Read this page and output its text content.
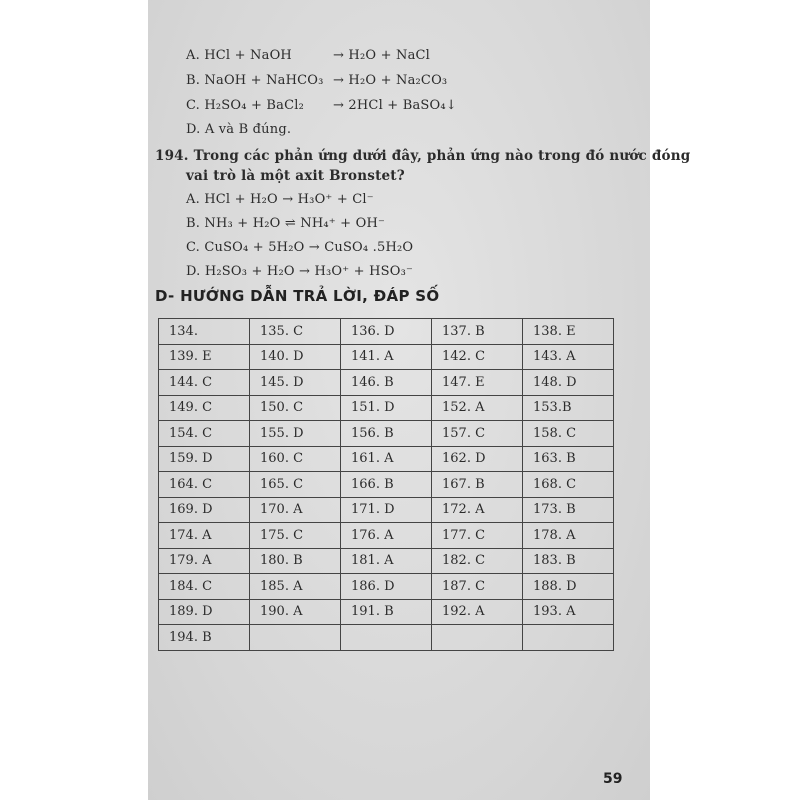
A. HCl + NaOH	→ H₂O + NaCl
B. NaOH + NaHCO₃ → H₂O + Na₂CO₃
C. H₂SO₄ + BaCl₂ → 2HCl + BaSO₄↓
D. A và B đúng.
194. Trong các phản ứng dưới đây, phản ứng nào trong đó nước đóng
vai trò là một axit Bronstet?
A. HCl + H₂O → H₃O⁺ + Cl⁻
B. NH₃ + H₂O ⇌ NH₄⁺ + OH⁻
C. CuSO₄ + 5H₂O → CuSO₄ .5H₂O
D. H₂SO₃ + H₂O → H₃O⁺ + HSO₃⁻
D- HƯỚNG DẪN TRẢ LỜI, ĐÁP SỐ
134.	135. C	136. D	137. B	138. E
139. E	140. D	141. A	142. C	143. A
144. C	145. D	146. B	147. E	148. D
149. C	150. C	151. D	152. A	153.B
154. C	155. D	156. B	157. C	158. C
159. D	160. C	161. A	162. D	163. B
164. C	165. C	166. B	167. B	168. C
169. D	170. A	171. D	172. A	173. B
174. A	175. C	176. A	177. C	178. A
179. A	180. B	181. A	182. C	183. B
184. C	185. A	186. D	187. C	188. D
189. D	190. A	191. B	192. A	193. A
194. B				
59
